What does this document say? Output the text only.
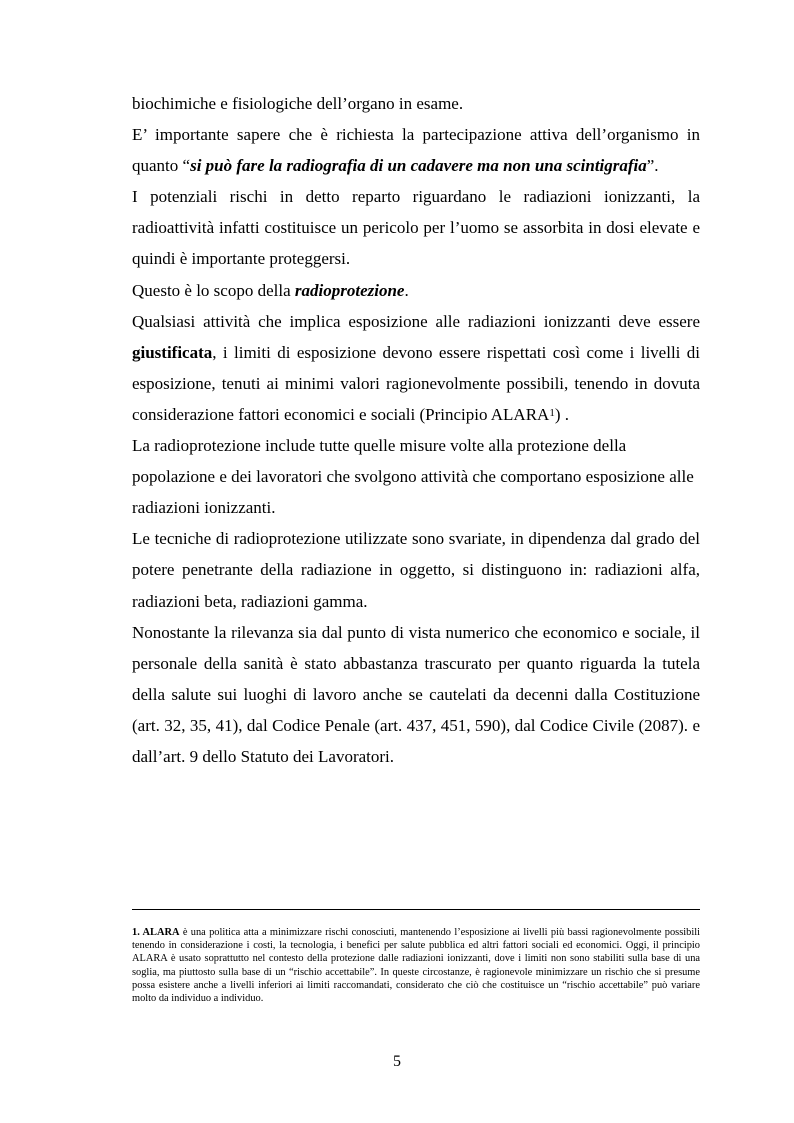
biochimiche e fisiologiche dell’organo in esame.

E’ importante sapere che è richiesta la partecipazione attiva dell’organismo in quanto “si può fare la radiografia di un cadavere ma non una scintigrafia”.

I potenziali rischi in detto reparto riguardano le radiazioni ionizzanti, la radioattività infatti costituisce un pericolo per l’uomo se assorbita in dosi elevate e quindi è importante proteggersi.

Questo è lo scopo della radioprotezione.

Qualsiasi attività che implica esposizione alle radiazioni ionizzanti deve essere giustificata, i limiti di esposizione devono essere rispettati così come i livelli di esposizione, tenuti ai minimi valori ragionevolmente possibili, tenendo in dovuta considerazione fattori economici e sociali (Principio ALARA$^1$) .

La radioprotezione include tutte quelle misure volte alla protezione della popolazione e dei lavoratori che svolgono attività che comportano esposizione alle radiazioni ionizzanti.

Le tecniche di radioprotezione utilizzate sono svariate, in dipendenza dal grado del potere penetrante della radiazione in oggetto, si distinguono in: radiazioni alfa, radiazioni beta, radiazioni gamma.

Nonostante la rilevanza sia dal punto di vista numerico che economico e sociale, il personale della sanità è stato abbastanza trascurato per quanto riguarda la tutela della salute sui luoghi di lavoro anche se cautelati da decenni dalla Costituzione (art. 32, 35, 41), dal Codice Penale (art. 437, 451, 590), dal Codice Civile (2087). e dall’art. 9 dello Statuto dei Lavoratori.

1. ALARA è una politica atta a minimizzare rischi conosciuti, mantenendo l’esposizione ai livelli più bassi ragionevolmente possibili tenendo in considerazione i costi, la tecnologia, i benefici per salute pubblica ed altri fattori sociali ed economici. Oggi, il principio ALARA è usato soprattutto nel contesto della protezione dalle radiazioni ionizzanti, dove i limiti non sono stabiliti sulla base di una soglia, ma piuttosto sulla base di un “rischio accettabile”. In queste circostanze, è ragionevole minimizzare un rischio che si presume possa esistere anche a livelli inferiori ai limiti raccomandati, considerato che ciò che costituisce un “rischio accettabile” può variare molto da individuo a individuo.
5
